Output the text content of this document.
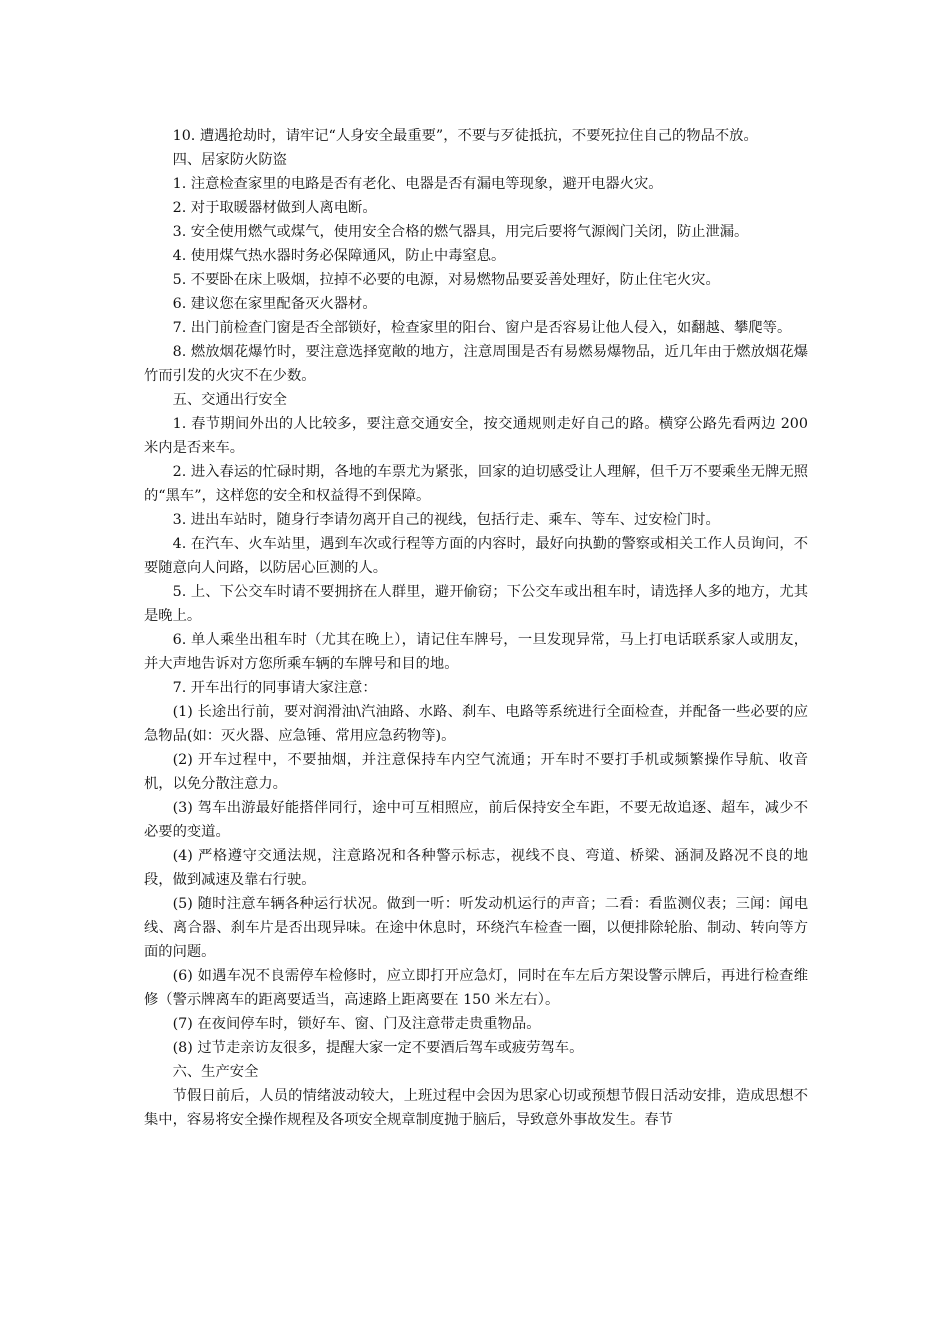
10. 遭遇抢劫时，请牢记“人身安全最重要”，不要与歹徒抵抗，不要死拉住自己的物品不放。

四、居家防火防盗

1. 注意检查家里的电路是否有老化、电器是否有漏电等现象，避开电器火灾。

2. 对于取暖器材做到人离电断。

3. 安全使用燃气或煤气，使用安全合格的燃气器具，用完后要将气源阀门关闭，防止泄漏。

4. 使用煤气热水器时务必保障通风，防止中毒窒息。

5. 不要卧在床上吸烟，拉掉不必要的电源，对易燃物品要妥善处理好，防止住宅火灾。

6. 建议您在家里配备灭火器材。

7. 出门前检查门窗是否全部锁好，检查家里的阳台、窗户是否容易让他人侵入，如翻越、攀爬等。

8. 燃放烟花爆竹时，要注意选择宽敞的地方，注意周围是否有易燃易爆物品，近几年由于燃放烟花爆竹而引发的火灾不在少数。

五、交通出行安全

1. 春节期间外出的人比较多，要注意交通安全，按交通规则走好自己的路。横穿公路先看两边 200 米内是否来车。

2. 进入春运的忙碌时期，各地的车票尤为紧张，回家的迫切感受让人理解，但千万不要乘坐无牌无照的“黑车”，这样您的安全和权益得不到保障。

3. 进出车站时，随身行李请勿离开自己的视线，包括行走、乘车、等车、过安检门时。

4. 在汽车、火车站里，遇到车次或行程等方面的内容时，最好向执勤的警察或相关工作人员询问，不要随意向人问路，以防居心叵测的人。

5. 上、下公交车时请不要拥挤在人群里，避开偷窃；下公交车或出租车时，请选择人多的地方，尤其是晚上。

6. 单人乘坐出租车时（尤其在晚上），请记住车牌号，一旦发现异常，马上打电话联系家人或朋友，并大声地告诉对方您所乘车辆的车牌号和目的地。

7. 开车出行的同事请大家注意：

(1) 长途出行前，要对润滑油\汽油路、水路、刹车、电路等系统进行全面检查，并配备一些必要的应急物品(如：灭火器、应急锤、常用应急药物等)。

(2) 开车过程中，不要抽烟，并注意保持车内空气流通；开车时不要打手机或频繁操作导航、收音机，以免分散注意力。

(3) 驾车出游最好能搭伴同行，途中可互相照应，前后保持安全车距，不要无故追逐、超车，减少不必要的变道。

(4) 严格遵守交通法规，注意路况和各种警示标志，视线不良、弯道、桥梁、涵洞及路况不良的地段，做到减速及靠右行驶。

(5) 随时注意车辆各种运行状况。做到一听：听发动机运行的声音；二看：看监测仪表；三闻：闻电线、离合器、刹车片是否出现异味。在途中休息时，环绕汽车检查一圈，以便排除轮胎、制动、转向等方面的问题。

(6) 如遇车况不良需停车检修时，应立即打开应急灯，同时在车左后方架设警示牌后，再进行检查维修（警示牌离车的距离要适当，高速路上距离要在 150 米左右）。

(7) 在夜间停车时，锁好车、窗、门及注意带走贵重物品。

(8) 过节走亲访友很多，提醒大家一定不要酒后驾车或疲劳驾车。

六、生产安全

节假日前后，人员的情绪波动较大，上班过程中会因为思家心切或预想节假日活动安排，造成思想不集中，容易将安全操作规程及各项安全规章制度抛于脑后，导致意外事故发生。春节
